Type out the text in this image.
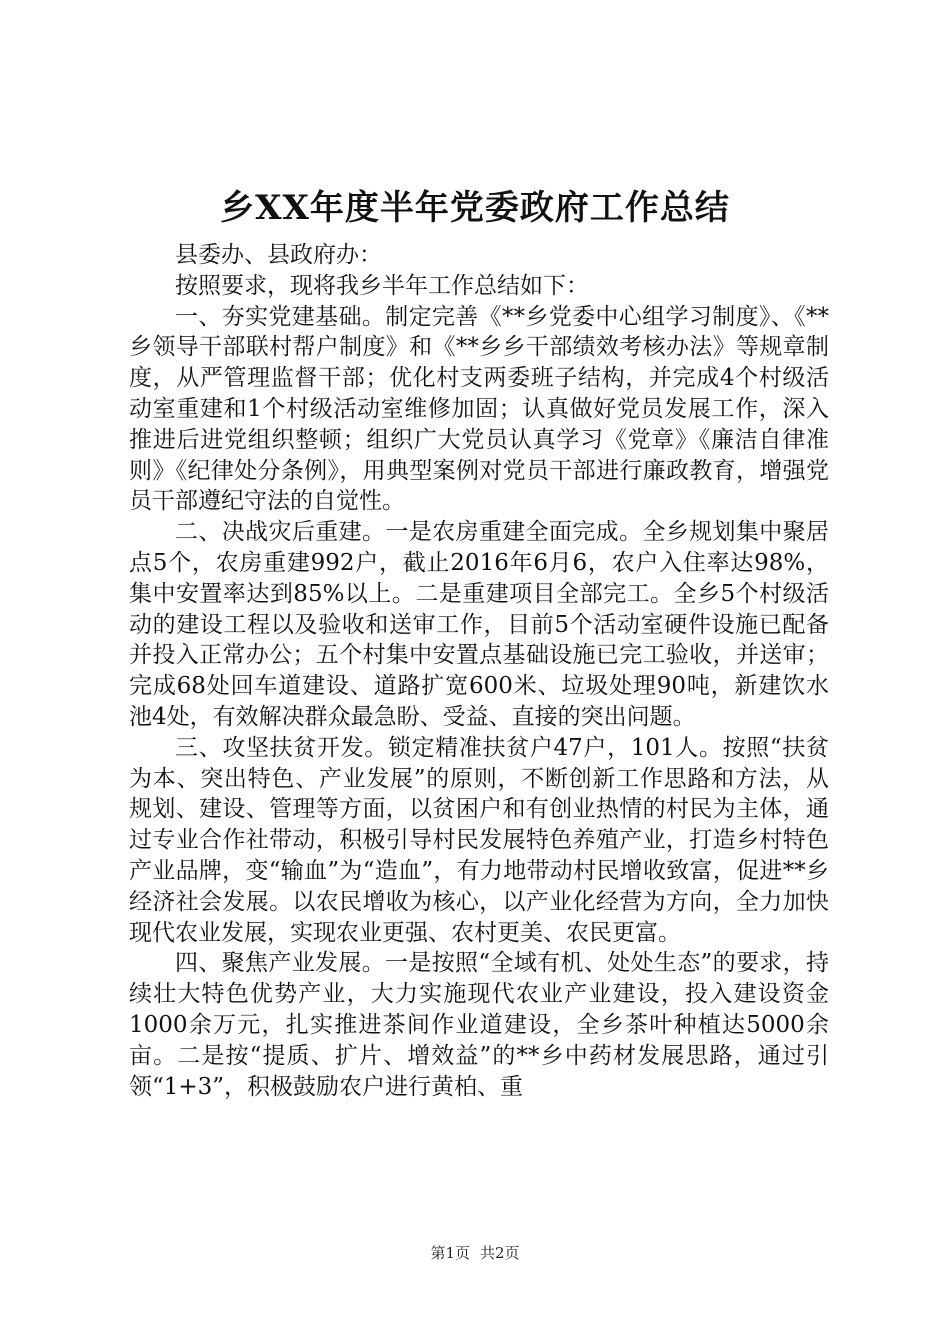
乡XX年度半年党委政府工作总结

县委办、县政府办：

按照要求，现将我乡半年工作总结如下：

一、夯实党建基础。制定完善《**乡党委中心组学习制度》、《**乡领导干部联村帮户制度》和《**乡乡干部绩效考核办法》等规章制度，从严管理监督干部；优化村支两委班子结构，并完成4个村级活动室重建和1个村级活动室维修加固；认真做好党员发展工作，深入推进后进党组织整顿；组织广大党员认真学习《党章》《廉洁自律准则》《纪律处分条例》，用典型案例对党员干部进行廉政教育，增强党员干部遵纪守法的自觉性。

二、决战灾后重建。一是农房重建全面完成。全乡规划集中聚居点5个，农房重建992户，截止2016年6月6，农户入住率达98%，集中安置率达到85%以上。二是重建项目全部完工。全乡5个村级活动的建设工程以及验收和送审工作，目前5个活动室硬件设施已配备并投入正常办公；五个村集中安置点基础设施已完工验收，并送审；完成68处回车道建设、道路扩宽600米、垃圾处理90吨，新建饮水池4处，有效解决群众最急盼、受益、直接的突出问题。

三、攻坚扶贫开发。锁定精准扶贫户47户，101人。按照“扶贫为本、突出特色、产业发展”的原则，不断创新工作思路和方法，从规划、建设、管理等方面，以贫困户和有创业热情的村民为主体，通过专业合作社带动，积极引导村民发展特色养殖产业，打造乡村特色产业品牌，变“输血”为“造血”，有力地带动村民增收致富，促进**乡经济社会发展。以农民增收为核心，以产业化经营为方向，全力加快现代农业发展，实现农业更强、农村更美、农民更富。

四、聚焦产业发展。一是按照“全域有机、处处生态”的要求，持续壮大特色优势产业，大力实施现代农业产业建设，投入建设资金1000余万元，扎实推进茶间作业道建设，全乡茶叶种植达5000余亩。二是按“提质、扩片、增效益”的**乡中药材发展思路，通过引领“1+3”，积极鼓励农户进行黄柏、重

第1页 共2页
